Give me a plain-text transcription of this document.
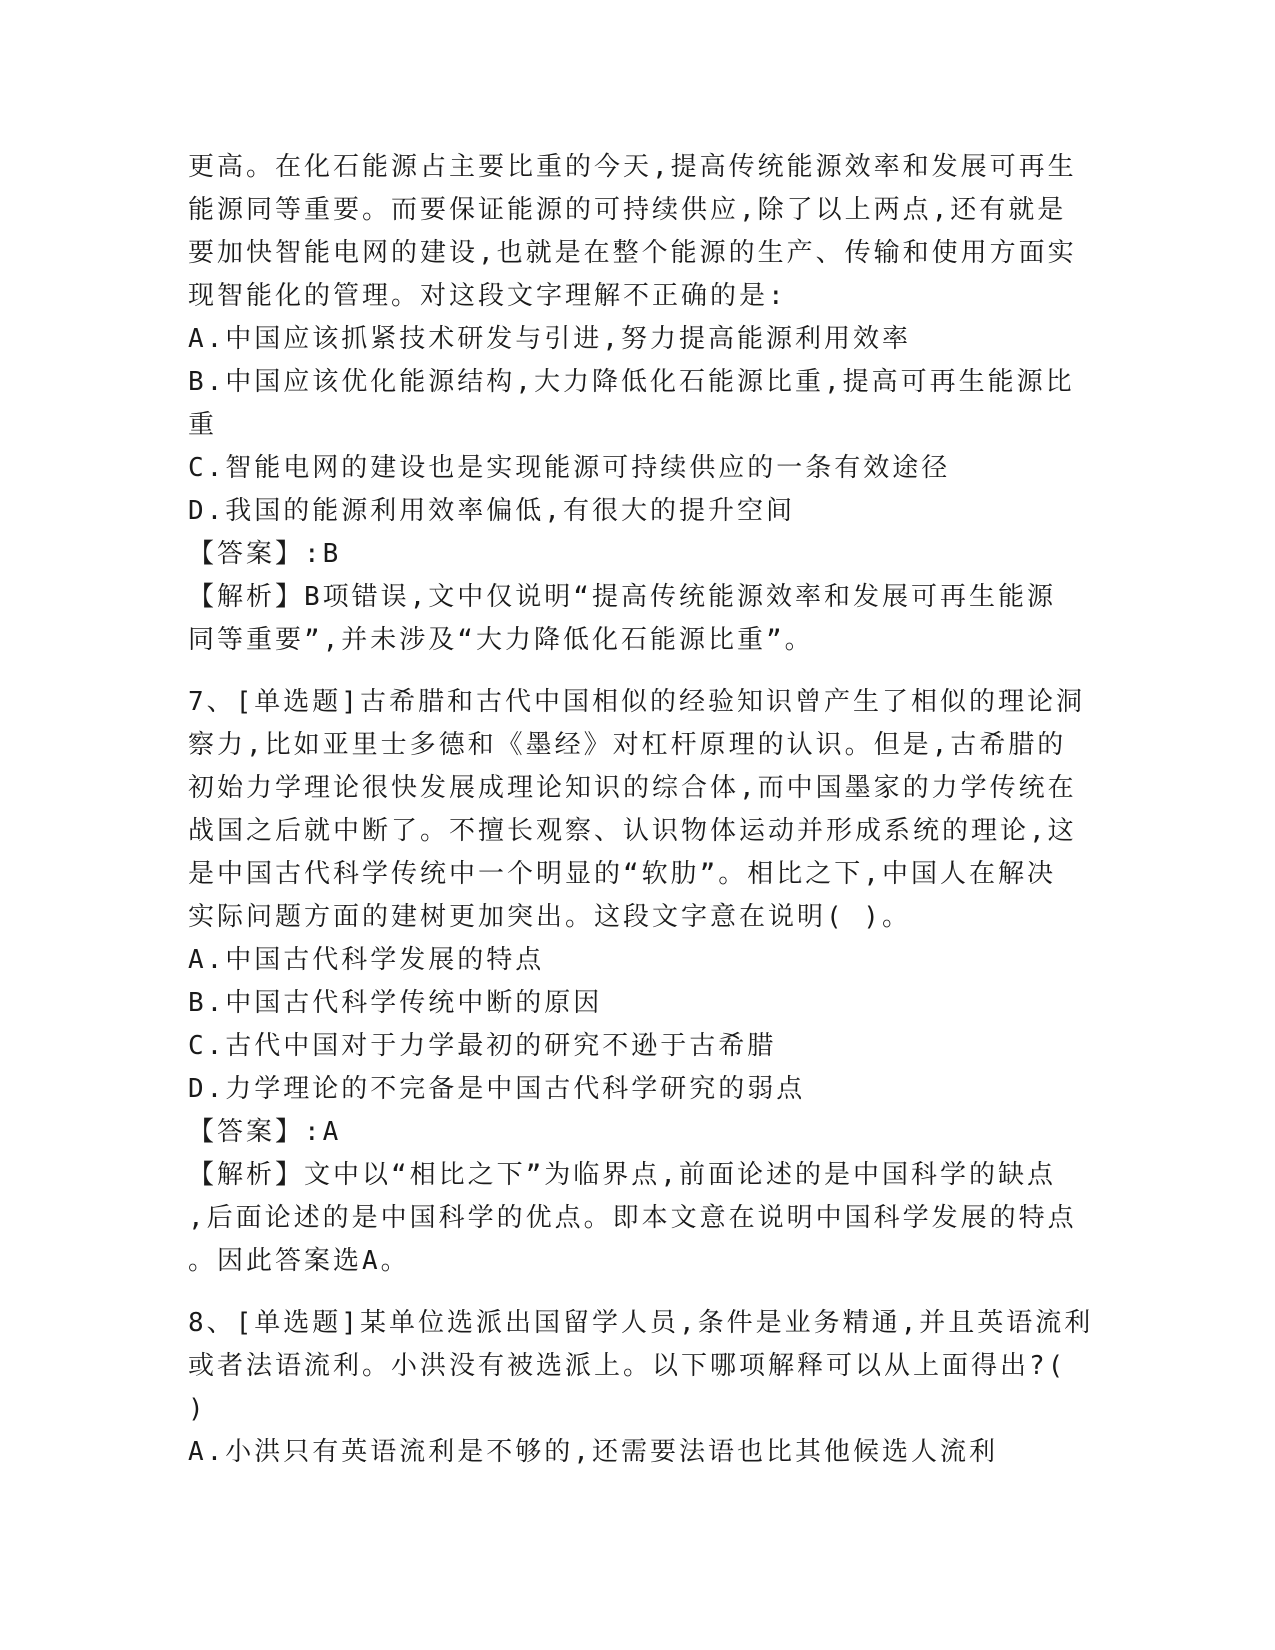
更高。在化石能源占主要比重的今天,提高传统能源效率和发展可再生
能源同等重要。而要保证能源的可持续供应,除了以上两点,还有就是
要加快智能电网的建设,也就是在整个能源的生产、传输和使用方面实
现智能化的管理。对这段文字理解不正确的是:
A.中国应该抓紧技术研发与引进,努力提高能源利用效率
B.中国应该优化能源结构,大力降低化石能源比重,提高可再生能源比
重
C.智能电网的建设也是实现能源可持续供应的一条有效途径
D.我国的能源利用效率偏低,有很大的提升空间
【答案】:B
【解析】B项错误,文中仅说明“提高传统能源效率和发展可再生能源
同等重要”,并未涉及“大力降低化石能源比重”。
7、[单选题]古希腊和古代中国相似的经验知识曾产生了相似的理论洞
察力,比如亚里士多德和《墨经》对杠杆原理的认识。但是,古希腊的
初始力学理论很快发展成理论知识的综合体,而中国墨家的力学传统在
战国之后就中断了。不擅长观察、认识物体运动并形成系统的理论,这
是中国古代科学传统中一个明显的“软肋”。相比之下,中国人在解决
实际问题方面的建树更加突出。这段文字意在说明( )。
A.中国古代科学发展的特点
B.中国古代科学传统中断的原因
C.古代中国对于力学最初的研究不逊于古希腊
D.力学理论的不完备是中国古代科学研究的弱点
【答案】:A
【解析】文中以“相比之下”为临界点,前面论述的是中国科学的缺点
,后面论述的是中国科学的优点。即本文意在说明中国科学发展的特点
。因此答案选A。
8、[单选题]某单位选派出国留学人员,条件是业务精通,并且英语流利
或者法语流利。小洪没有被选派上。以下哪项解释可以从上面得出?(
)
A.小洪只有英语流利是不够的,还需要法语也比其他候选人流利
